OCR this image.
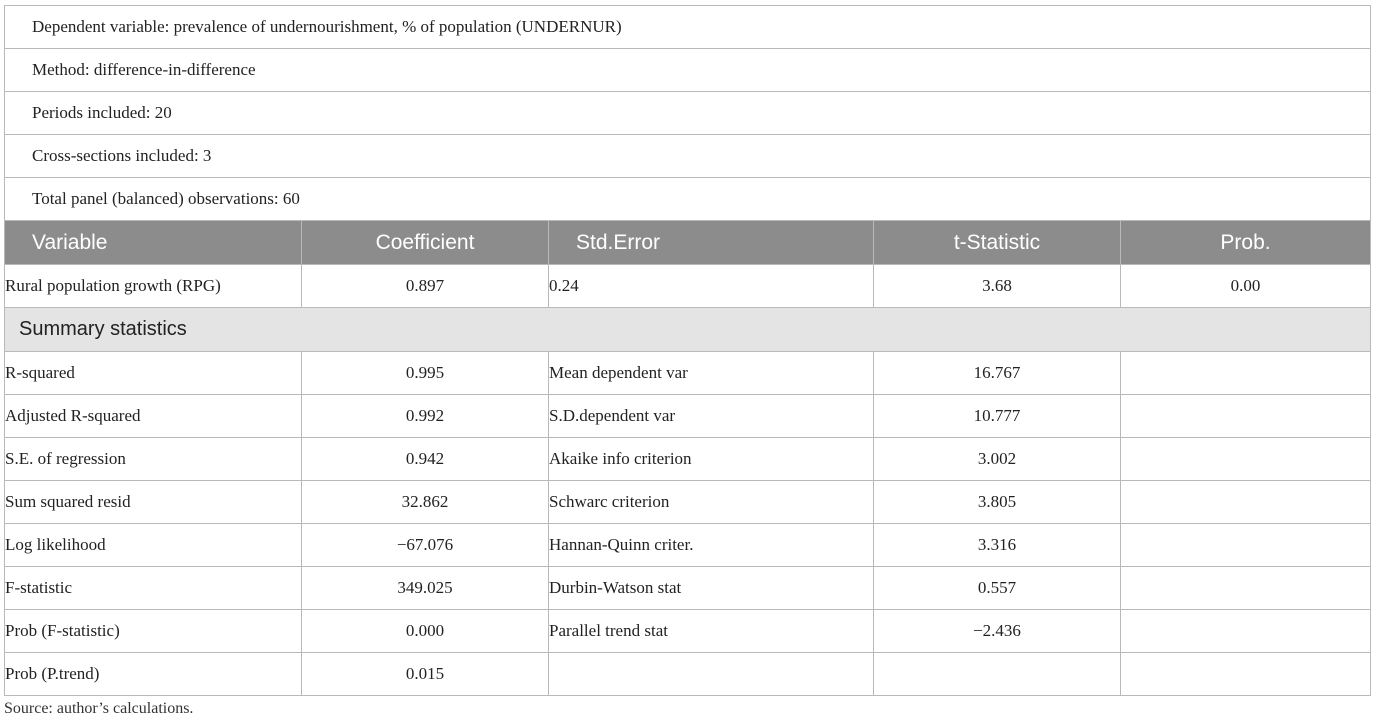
Dependent variable: prevalence of undernourishment, % of population (UNDERNUR)				
Method: difference-in-difference				
Periods included: 20				
Cross-sections included: 3				
Total panel (balanced) observations: 60				
Variable	Coefficient	Std.Error	t-Statistic	Prob.
Rural population growth (RPG)	0.897	0.24	3.68	0.00
Summary statistics				
R-squared	0.995	Mean dependent var	16.767	
Adjusted R-squared	0.992	S.D.dependent var	10.777	
S.E. of regression	0.942	Akaike info criterion	3.002	
Sum squared resid	32.862	Schwarc criterion	3.805	
Log likelihood	−67.076	Hannan-Quinn criter.	3.316	
F-statistic	349.025	Durbin-Watson stat	0.557	
Prob (F-statistic)	0.000	Parallel trend stat	−2.436	
Prob (P.trend)	0.015			

Source: author’s calculations.
